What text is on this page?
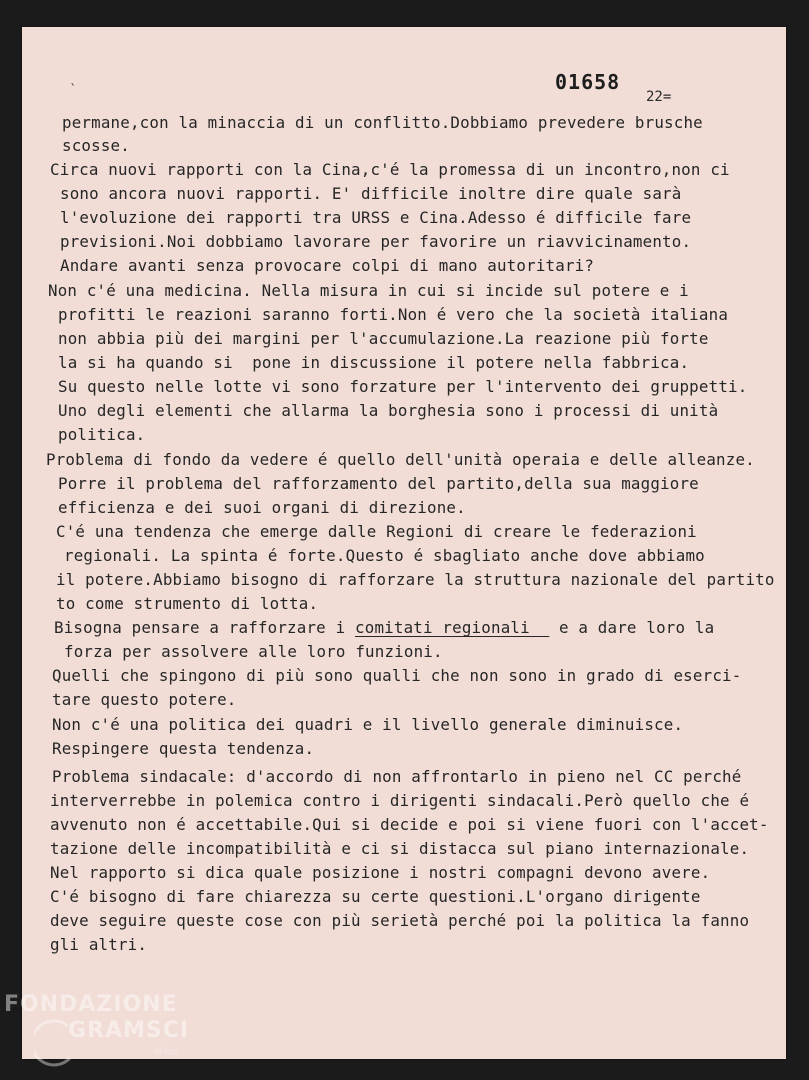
ˎ	01658
22=
permane,con la minaccia di un conflitto.Dobbiamo prevedere brusche
scosse.
Circa nuovi rapporti con la Cina,c'é la promessa di un incontro,non ci
sono ancora nuovi rapporti. E' difficile inoltre dire quale sarà
l'evoluzione dei rapporti tra URSS e Cina.Adesso é difficile fare
previsioni.Noi dobbiamo lavorare per favorire un riavvicinamento.
Andare avanti senza provocare colpi di mano autoritari?
Non c'é una medicina. Nella misura in cui si incide sul potere e i
profitti le reazioni saranno forti.Non é vero che la società italiana
non abbia più dei margini per l'accumulazione.La reazione più forte
la si ha quando si  pone in discussione il potere nella fabbrica.
Su questo nelle lotte vi sono forzature per l'intervento dei gruppetti.
Uno degli elementi che allarma la borghesia sono i processi di unità
politica.
Problema di fondo da vedere é quello dell'unità operaia e delle alleanze.
Porre il problema del rafforzamento del partito,della sua maggiore
efficienza e dei suoi organi di direzione.
C'é una tendenza che emerge dalle Regioni di creare le federazioni
regionali. La spinta é forte.Questo é sbagliato anche dove abbiamo
il potere.Abbiamo bisogno di rafforzare la struttura nazionale del partito
to come strumento di lotta.
Bisogna pensare a rafforzare i comitati regionali   e a dare loro la
forza per assolvere alle loro funzioni.
Quelli che spingono di più sono qualli che non sono in grado di eserci-
tare questo potere.
Non c'é una politica dei quadri e il livello generale diminuisce.
Respingere questa tendenza.
Problema sindacale: d'accordo di non affrontarlo in pieno nel CC perché
interverrebbe in polemica contro i dirigenti sindacali.Però quello che é
avvenuto non é accettabile.Qui si decide e poi si viene fuori con l'accet-
tazione delle incompatibilità e ci si distacca sul piano internazionale.
Nel rapporto si dica quale posizione i nostri compagni devono avere.
C'é bisogno di fare chiarezza su certe questioni.L'organo dirigente
deve seguire queste cose con più serietà perché poi la politica la fanno
gli altri.
FONDAZIONE
GRAMSCI
onlus
